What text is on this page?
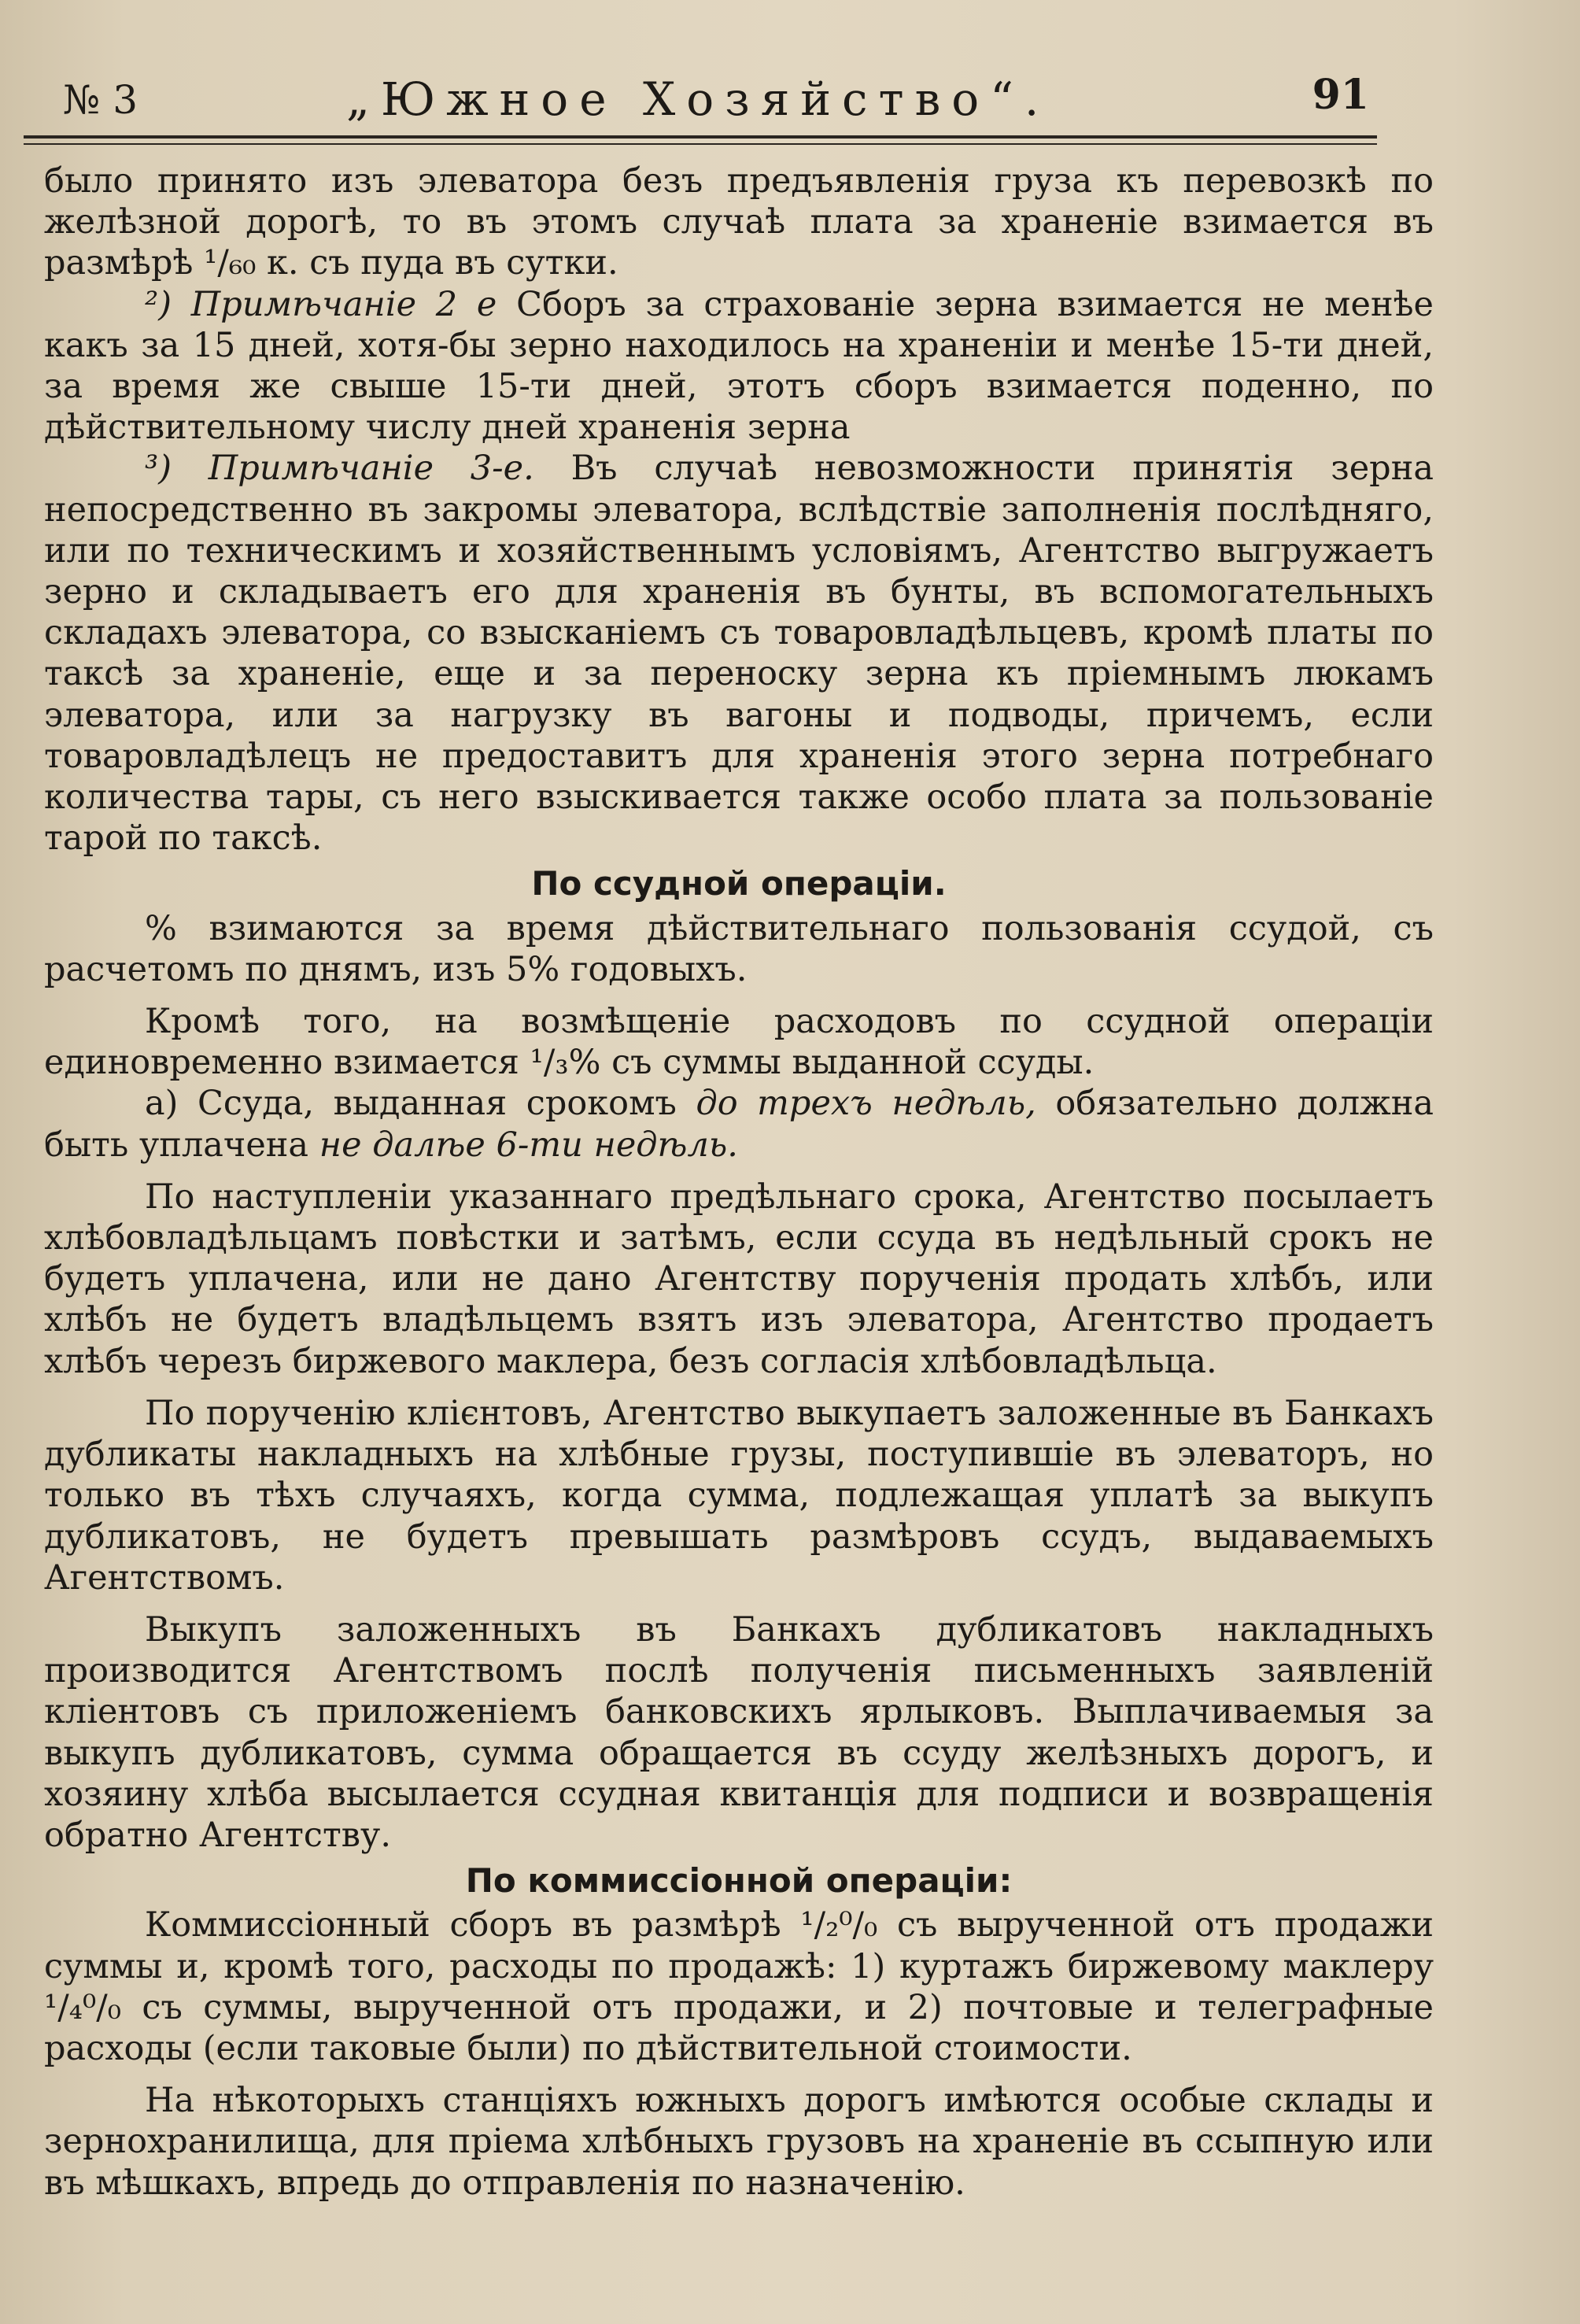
№ 3	„Южное Хозяйство“.	91

было принято изъ элеватора безъ предъявленія груза къ перевозкѣ по желѣзной дорогѣ, то въ этомъ случаѣ плата за храненіе взимается въ размѣрѣ ¹/₆₀ к. съ пуда въ сутки.

²) Примѣчаніе 2 е Сборъ за страхованіе зерна взимается не менѣе какъ за 15 дней, хотя-бы зерно находилось на храненіи и менѣе 15-ти дней, за время же свыше 15-ти дней, этотъ сборъ взимается поденно, по дѣйствительному числу дней храненія зерна

³) Примѣчаніе 3-е. Въ случаѣ невозможности принятія зерна непосредственно въ закромы элеватора, вслѣдствіе заполненія послѣдняго, или по техническимъ и хозяйственнымъ условіямъ, Агентство выгружаетъ зерно и складываетъ его для храненія въ бунты, въ вспомогательныхъ складахъ элеватора, со взысканіемъ съ товаровладѣльцевъ, кромѣ платы по таксѣ за храненіе, еще и за переноску зерна къ пріемнымъ люкамъ элеватора, или за нагрузку въ вагоны и подводы, причемъ, если товаровладѣлецъ не предоставитъ для храненія этого зерна потребнаго количества тары, съ него взыскивается также особо плата за пользованіе тарой по таксѣ.

По ссудной операціи.

% взимаются за время дѣйствительнаго пользованія ссудой, съ расчетомъ по днямъ, изъ 5% годовыхъ.

Кромѣ того, на возмѣщеніе расходовъ по ссудной операціи единовременно взимается ¹/₃% съ суммы выданной ссуды.

а) Ссуда, выданная срокомъ до трехъ недѣль, обязательно должна быть уплачена не далѣе 6-ти недѣль.

По наступленіи указаннаго предѣльнаго срока, Агентство посылаетъ хлѣбовладѣльцамъ повѣстки и затѣмъ, если ссуда въ недѣльный срокъ не будетъ уплачена, или не дано Агентству порученія продать хлѣбъ, или хлѣбъ не будетъ владѣльцемъ взятъ изъ элеватора, Агентство продаетъ хлѣбъ черезъ биржевого маклера, безъ согласія хлѣбовладѣльца.

По порученію клієнтовъ, Агентство выкупаетъ заложенные въ Банкахъ дубликаты накладныхъ на хлѣбные грузы, поступившіе въ элеваторъ, но только въ тѣхъ случаяхъ, когда сумма, подлежащая уплатѣ за выкупъ дубликатовъ, не будетъ превышать размѣровъ ссудъ, выдаваемыхъ Агентствомъ.

Выкупъ заложенныхъ въ Банкахъ дубликатовъ накладныхъ производится Агентствомъ послѣ полученія письменныхъ заявленій кліентовъ съ приложеніемъ банковскихъ ярлыковъ. Выплачиваемыя за выкупъ дубликатовъ, сумма обращается въ ссуду желѣзныхъ дорогъ, и хозяину хлѣба высылается ссудная квитанція для подписи и возвращенія обратно Агентству.

По коммиссіонной операціи:

Коммиссіонный сборъ въ размѣрѣ ¹/₂⁰/₀ съ вырученной отъ продажи суммы и, кромѣ того, расходы по продажѣ: 1) куртажъ биржевому маклеру ¹/₄⁰/₀ съ суммы, вырученной отъ продажи, и 2) почтовые и телеграфные расходы (если таковые были) по дѣйствительной стоимости.

На нѣкоторыхъ станціяхъ южныхъ дорогъ имѣются особые склады и зернохранилища, для пріема хлѣбныхъ грузовъ на храненіе въ ссыпную или въ мѣшкахъ, впредь до отправленія по назначенію.
